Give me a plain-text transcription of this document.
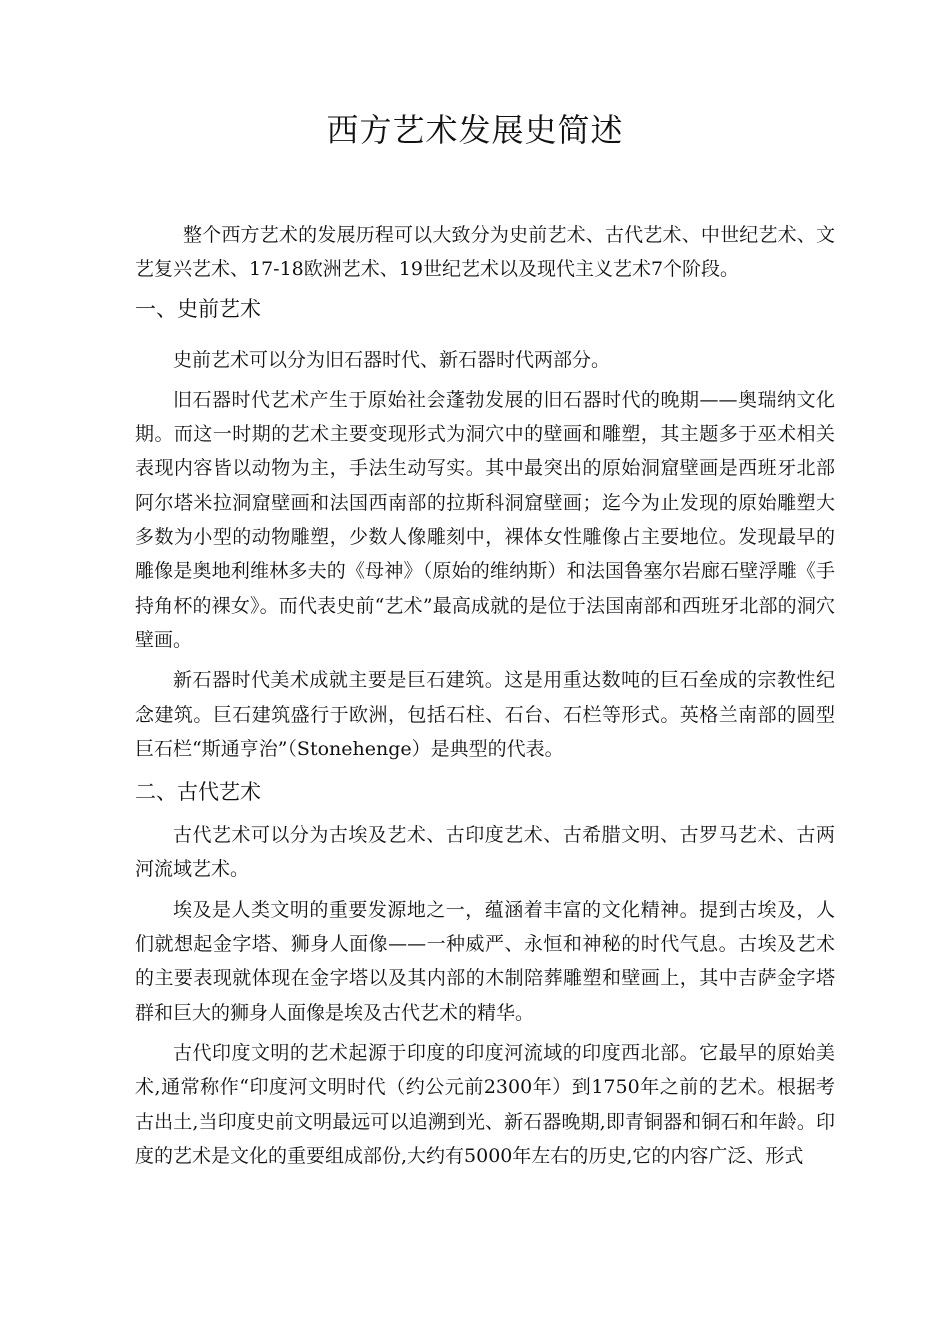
西方艺术发展史简述

整个西方艺术的发展历程可以大致分为史前艺术、古代艺术、中世纪艺术、文艺复兴艺术、17-18欧洲艺术、19世纪艺术以及现代主义艺术7个阶段。

一、史前艺术

史前艺术可以分为旧石器时代、新石器时代两部分。

旧石器时代艺术产生于原始社会蓬勃发展的旧石器时代的晚期——奥瑞纳文化期。而这一时期的艺术主要变现形式为洞穴中的壁画和雕塑，其主题多于巫术相关表现内容皆以动物为主，手法生动写实。其中最突出的原始洞窟壁画是西班牙北部阿尔塔米拉洞窟壁画和法国西南部的拉斯科洞窟壁画；迄今为止发现的原始雕塑大多数为小型的动物雕塑，少数人像雕刻中，裸体女性雕像占主要地位。发现最早的雕像是奥地利维林多夫的《母神》（原始的维纳斯）和法国鲁塞尔岩廊石壁浮雕《手持角杯的裸女》。而代表史前“艺术”最高成就的是位于法国南部和西班牙北部的洞穴壁画。

新石器时代美术成就主要是巨石建筑。这是用重达数吨的巨石垒成的宗教性纪念建筑。巨石建筑盛行于欧洲，包括石柱、石台、石栏等形式。英格兰南部的圆型巨石栏“斯通亨治”（Stonehenge）是典型的代表。

二、古代艺术

古代艺术可以分为古埃及艺术、古印度艺术、古希腊文明、古罗马艺术、古两河流域艺术。

埃及是人类文明的重要发源地之一，蕴涵着丰富的文化精神。提到古埃及，人们就想起金字塔、狮身人面像——一种威严、永恒和神秘的时代气息。古埃及艺术的主要表现就体现在金字塔以及其内部的木制陪葬雕塑和壁画上，其中吉萨金字塔群和巨大的狮身人面像是埃及古代艺术的精华。

古代印度文明的艺术起源于印度的印度河流域的印度西北部。它最早的原始美术,通常称作“印度河文明时代（约公元前2300年）到1750年之前的艺术。根据考古出土,当印度史前文明最远可以追溯到光、新石器晚期,即青铜器和铜石和年龄。印度的艺术是文化的重要组成部份,大约有5000年左右的历史,它的内容广泛、形式
